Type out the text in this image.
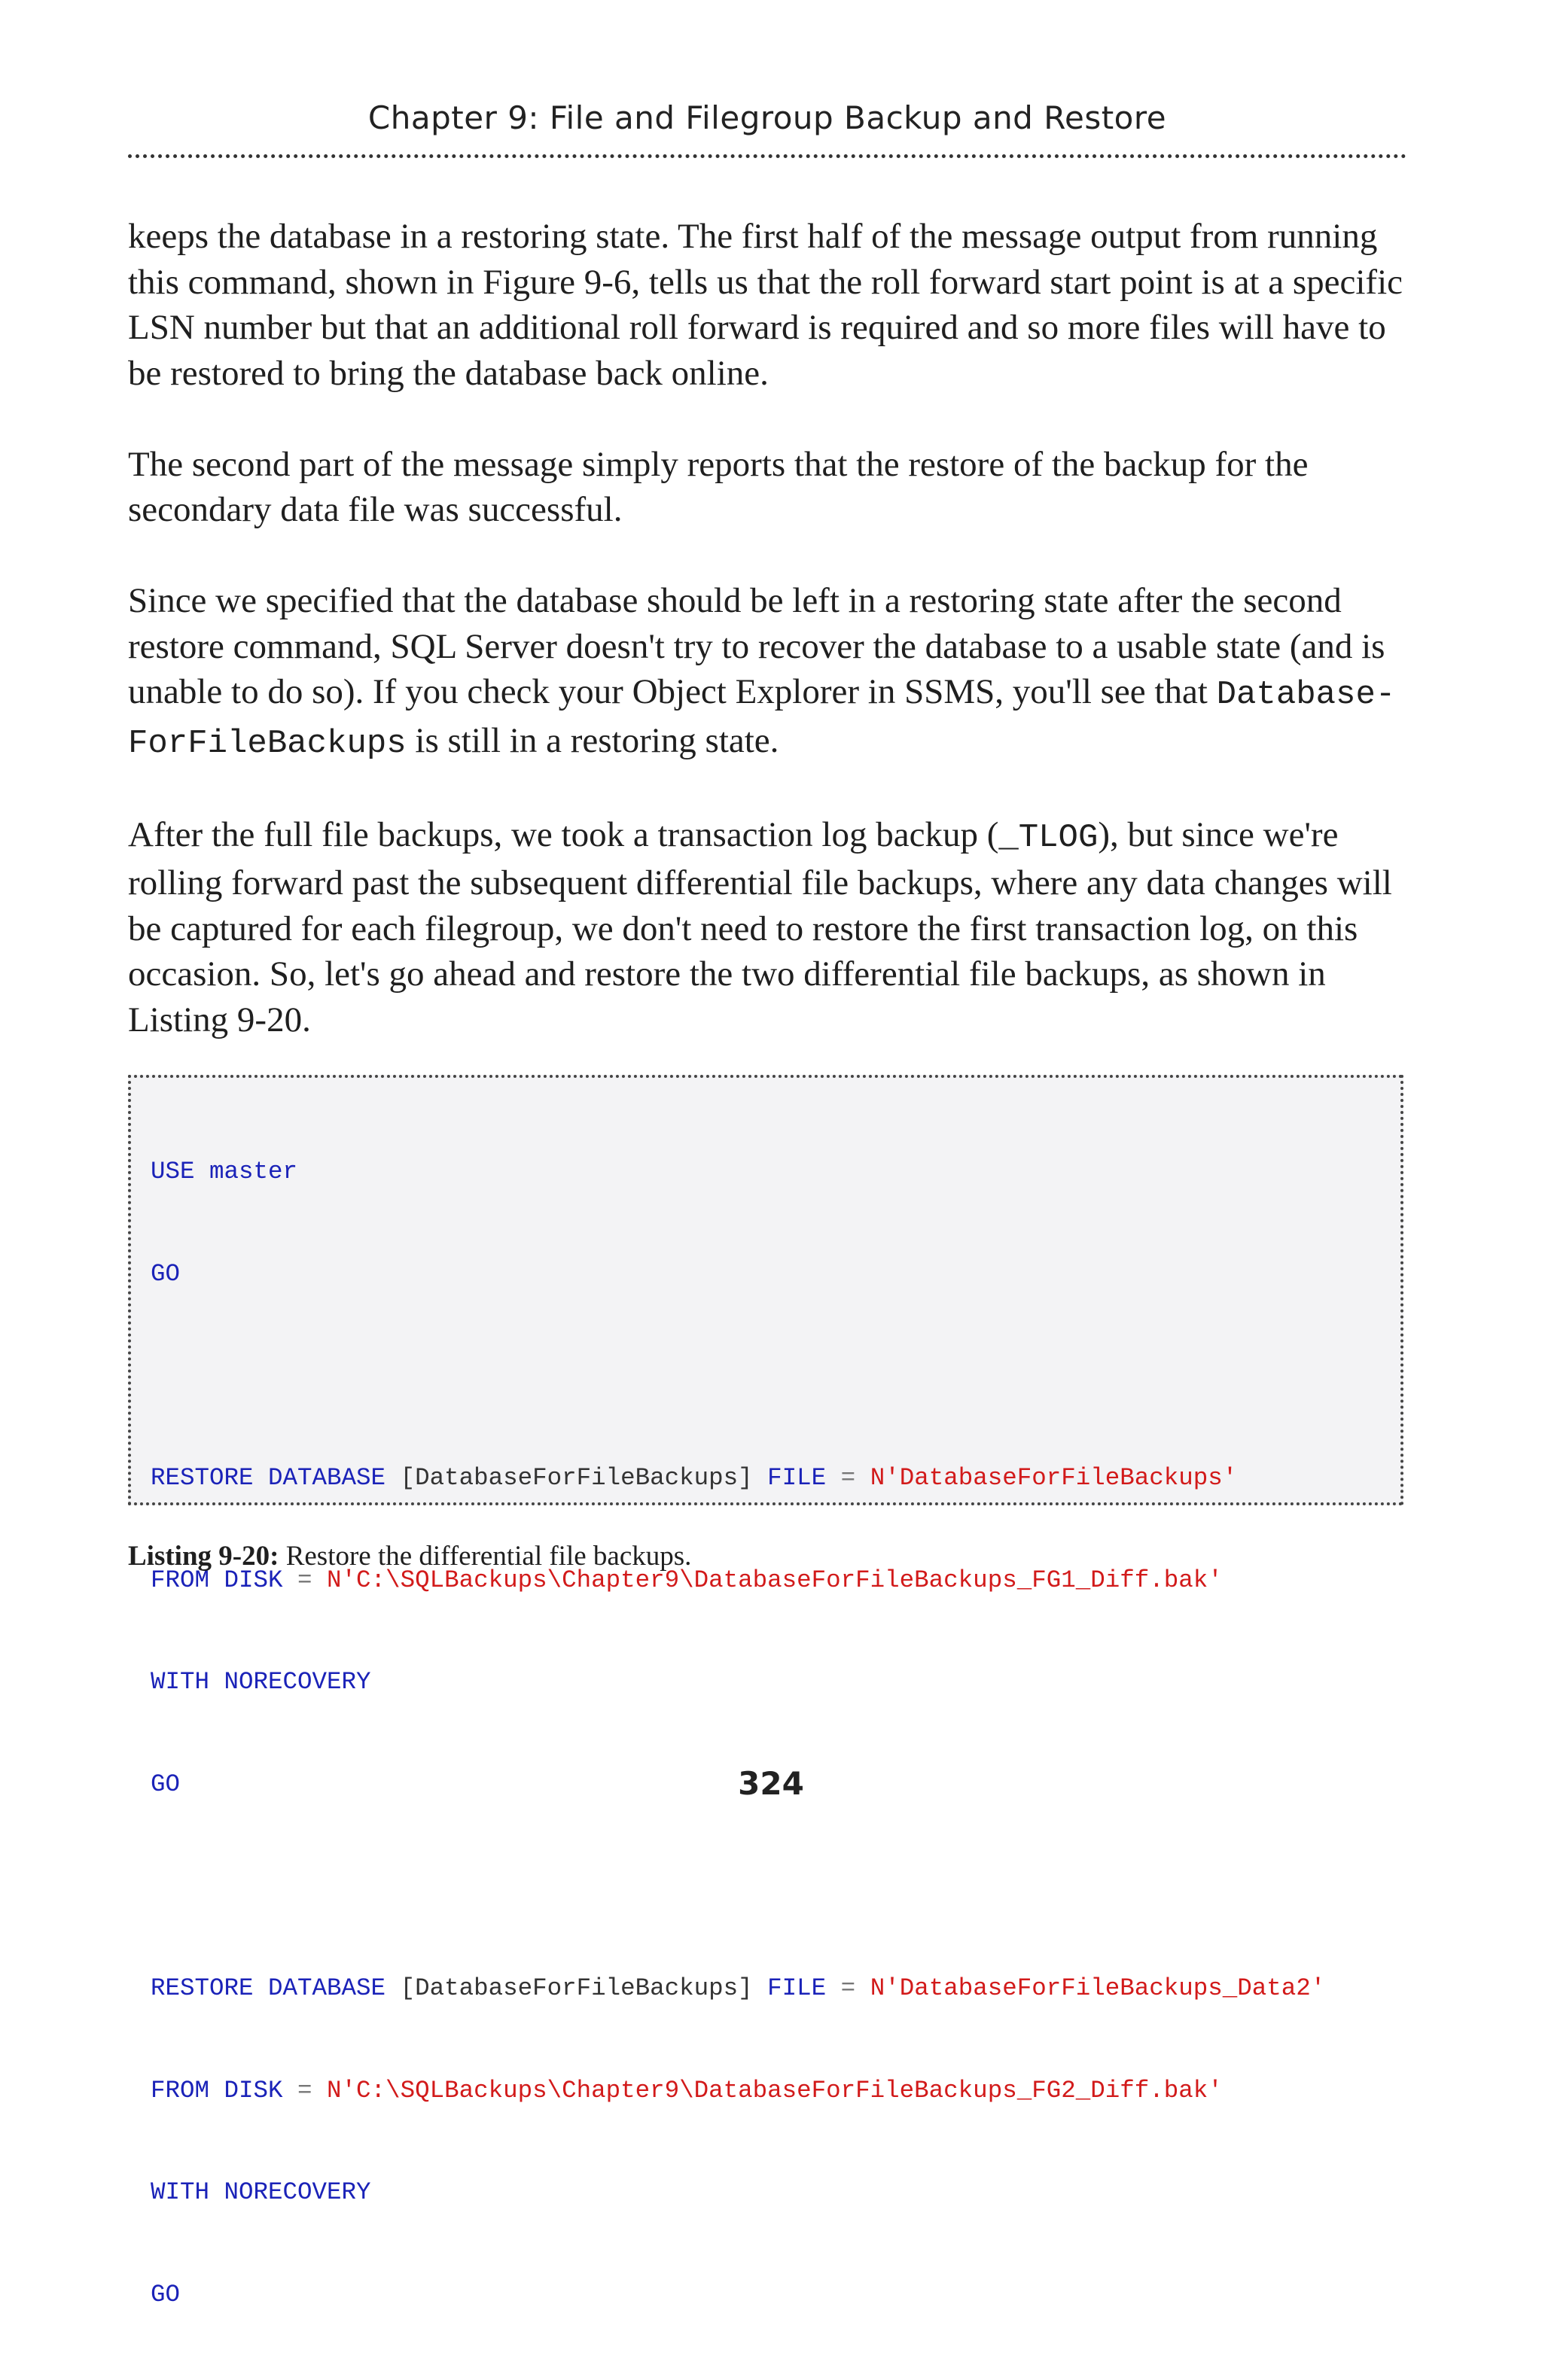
Chapter 9: File and Filegroup Backup and Restore

keeps the database in a restoring state. The first half of the message output from running this command, shown in Figure 9-6, tells us that the roll forward start point is at a specific LSN number but that an additional roll forward is required and so more files will have to be restored to bring the database back online.

The second part of the message simply reports that the restore of the backup for the secondary data file was successful.

Since we specified that the database should be left in a restoring state after the second restore command, SQL Server doesn't try to recover the database to a usable state (and is unable to do so). If you check your Object Explorer in SSMS, you'll see that Database-ForFileBackups is still in a restoring state.

After the full file backups, we took a transaction log backup (_TLOG), but since we're rolling forward past the subsequent differential file backups, where any data changes will be captured for each filegroup, we don't need to restore the first transaction log, on this occasion. So, let's go ahead and restore the two differential file backups, as shown in Listing 9-20.

USE master

GO

RESTORE DATABASE [DatabaseForFileBackups] FILE = N'DatabaseForFileBackups'

FROM DISK = N'C:\SQLBackups\Chapter9\DatabaseForFileBackups_FG1_Diff.bak'

WITH NORECOVERY

GO

RESTORE DATABASE [DatabaseForFileBackups] FILE = N'DatabaseForFileBackups_Data2'

FROM DISK = N'C:\SQLBackups\Chapter9\DatabaseForFileBackups_FG2_Diff.bak'

WITH NORECOVERY

GO

Listing 9-20: Restore the differential file backups.
324
